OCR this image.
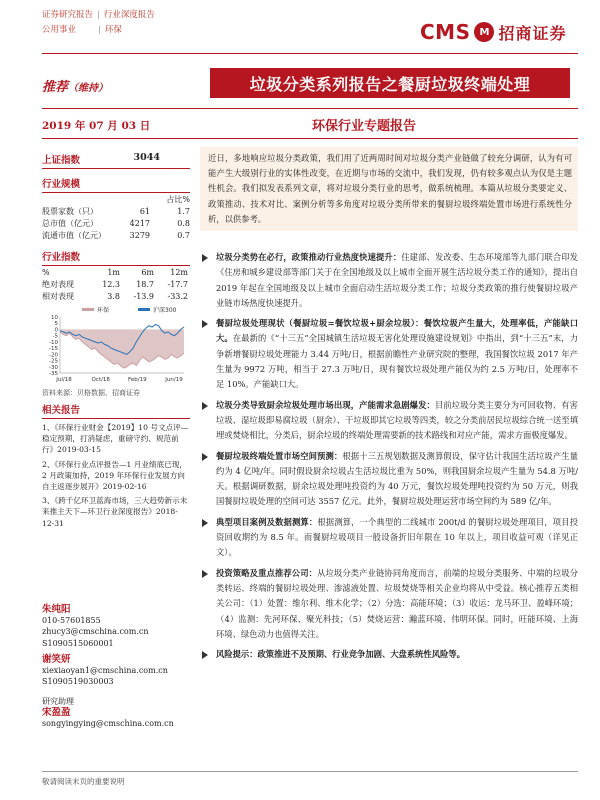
证券研究报告 | 行业深度报告
公用事业	| 环保	CMS M 招商证券
推荐（维持）	垃圾分类系列报告之餐厨垃圾终端处理
2019 年 07 月 03 日	环保行业专题报告
上证指数	3044
行业规模
占比%
股票家数（只）	61	1.7
总市值（亿元）	4217	0.8
流通市值（亿元）	3279	0.7
行业指数
%	1m	6m	12m
绝对表现	12.3	18.7	-17.7
相对表现	3.8	-13.9	-33.2
环保	沪深300
10
5
0
-5
-10
-15
-20
-25
-30
-35
Jul/18	Oct/18	Feb/19	Jun/19
资料来源：贝格数据、招商证券
相关报告
1、《环保行业财金【2019】10 号文点评—稳定预期，打消疑虑，重磅守约、规范前行》2019-03-15
2、《环保行业点评报告—1 月业绩底已现，2 月政策加持，2019 年环保行业发展方向自主返逐步展开》2019-02-16
3、《跨千亿环卫蓝海市场，三大趋势新示未来推主天下—环卫行业深度报告》2018-12-31
朱纯阳
010-57601855
zhucy3@cmschina.com.cn
S1090515060001
谢笑妍
xiexiaoyan1@cmschina.com.cn
S1090519030003
研究助理
宋盈盈
songyingying@cmschina.com.cn
近日，多地响应垃圾分类政策，我们用了近两周时间对垃圾分类产业链做了较充分调研，认为有可能产生大级别行业的实体性改变，在近期与市场的交流中，我们发现，仍有较多观点认为仅是主题性机会。我们拟发表系列文章，将对垃圾分类行业的思考，做系统梳理。本篇从垃圾分类要定义、政策推动、技术对比、案例分析等多角度对垃圾分类所带来的餐厨垃圾终端处置市场进行系统性分析，以供参考。
垃圾分类势在必行，政策推动行业热度快速提升：住建部、发改委、生态环境部等九部门联合印发《住房和城乡建设部等部门关于在全国地级及以上城市全面开展生活垃圾分类工作的通知》，提出自 2019 年起在全国地级及以上城市全面启动生活垃圾分类工作；垃圾分类政策的推行使餐厨垃圾产业链市场热度快速提升。
餐厨垃圾处理现状（餐厨垃圾=餐饮垃圾+厨余垃圾）：餐饮垃圾产生量大，处理率低，产能缺口大。在最新的《“十三五”全国城镇生活垃圾无害化处理设施建设规划》中指出，到“十三五”末，力争新增餐厨垃圾处理能力 3.44 万吨/日，根据前瞻性产业研究院的整理，我国餐饮垃圾 2017 年产生量为 9972 万吨，相当于 27.3 万吨/日，现有餐饮垃圾处理产能仅为约 2.5 万吨/日，处理率不足 10%。产能缺口大。
垃圾分类导致厨余垃圾处理市场出现，产能需求急剧爆发：目前垃圾分类主要分为可回收物、有害垃圾、湿垃圾即易腐垃圾（厨余）、干垃圾即其它垃圾等四类，较之分类前居民垃圾综合统一送至填埋或焚烧相比，分类后，厨余垃圾的终端处理需要新的技术路线和对应产能，需求方面极度爆发。
餐厨垃圾终端处置市场空间预测：根据十三五规划数据及测算假设，保守估计我国生活垃圾产生量约为 4 亿吨/年。同时假设厨余垃圾占生活垃圾比重为 50%，则我国厨余垃圾产生量为 54.8 万吨/天。根据调研数据，厨余垃圾处理吨投资约为 40 万元，餐饮垃圾处理吨投资约为 50 万元，则我国餐厨垃圾处理的空间可达 3557 亿元。此外，餐厨垃圾处理运营市场空间约为 589 亿/年。
典型项目案例及数据测算：根据测算，一个典型的二线城市 200t/d 的餐厨垃圾处理项目，项目投资回收期约为 8.5 年。而餐厨垃圾项目一般设备折旧年限在 10 年以上，项目收益可观（详见正文）。
投资策略及重点推荐公司：从垃圾分类产业链协同角度而言，前端的垃圾分类服务、中端的垃圾分类转运、终端的餐厨垃圾处理、渗滤液处置、垃圾焚烧等相关企业均将从中受益。核心推荐五类相关公司：（1）处置：维尔利、维木化学；（2）分选：高能环境；（3）收运：龙马环卫、盈峰环境；（4）监测：先河环保、聚光科技；（5）焚烧运营：瀚蓝环境、伟明环保。同时，旺能环境、上海环境、绿色动力也值得关注。
风险提示：政策推进不及预期、行业竞争加剧、大盘系统性风险等。
敬请阅读末页的重要说明
